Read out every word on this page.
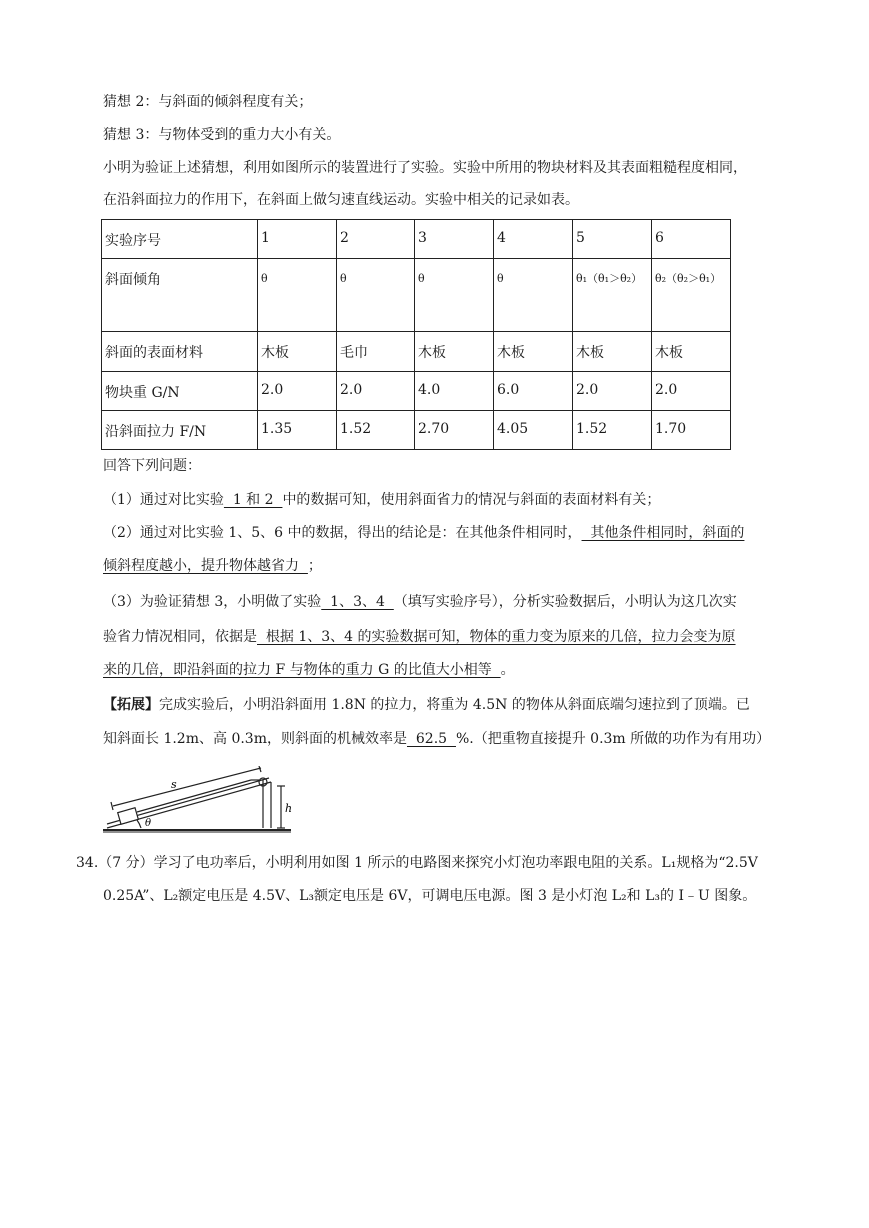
猜想 2：与斜面的倾斜程度有关；
猜想 3：与物体受到的重力大小有关。
小明为验证上述猜想，利用如图所示的装置进行了实验。实验中所用的物块材料及其表面粗糙程度相同，
在沿斜面拉力的作用下，在斜面上做匀速直线运动。实验中相关的记录如表。
实验序号	1	2	3	4	5	6
斜面倾角	θ	θ	θ	θ	θ₁（θ₁＞θ₂）	θ₂（θ₂＞θ₁）
斜面的表面材料	木板	毛巾	木板	木板	木板	木板
物块重 G/N	2.0	2.0	4.0	6.0	2.0	2.0
沿斜面拉力 F/N	1.35	1.52	2.70	4.05	1.52	1.70
回答下列问题：
（1）通过对比实验  1 和 2  中的数据可知，使用斜面省力的情况与斜面的表面材料有关；
（2）通过对比实验 1、5、6 中的数据，得出的结论是：在其他条件相同时，  其他条件相同时，斜面的
倾斜程度越小，提升物体越省力  ；
（3）为验证猜想 3，小明做了实验  1、3、4  （填写实验序号），分析实验数据后，小明认为这几次实
验省力情况相同，依据是  根据 1、3、4 的实验数据可知，物体的重力变为原来的几倍，拉力会变为原
来的几倍，即沿斜面的拉力 F 与物体的重力 G 的比值大小相等  。
【拓展】完成实验后，小明沿斜面用 1.8N 的拉力，将重为 4.5N 的物体从斜面底端匀速拉到了顶端。已
知斜面长 1.2m、高 0.3m，则斜面的机械效率是  62.5  %.（把重物直接提升 0.3m 所做的功作为有用功）
s
h
θ
34.（7 分）学习了电功率后，小明利用如图 1 所示的电路图来探究小灯泡功率跟电阻的关系。L₁规格为“2.5V
0.25A”、L₂额定电压是 4.5V、L₃额定电压是 6V，可调电压电源。图 3 是小灯泡 L₂和 L₃的 I﹣U 图象。
